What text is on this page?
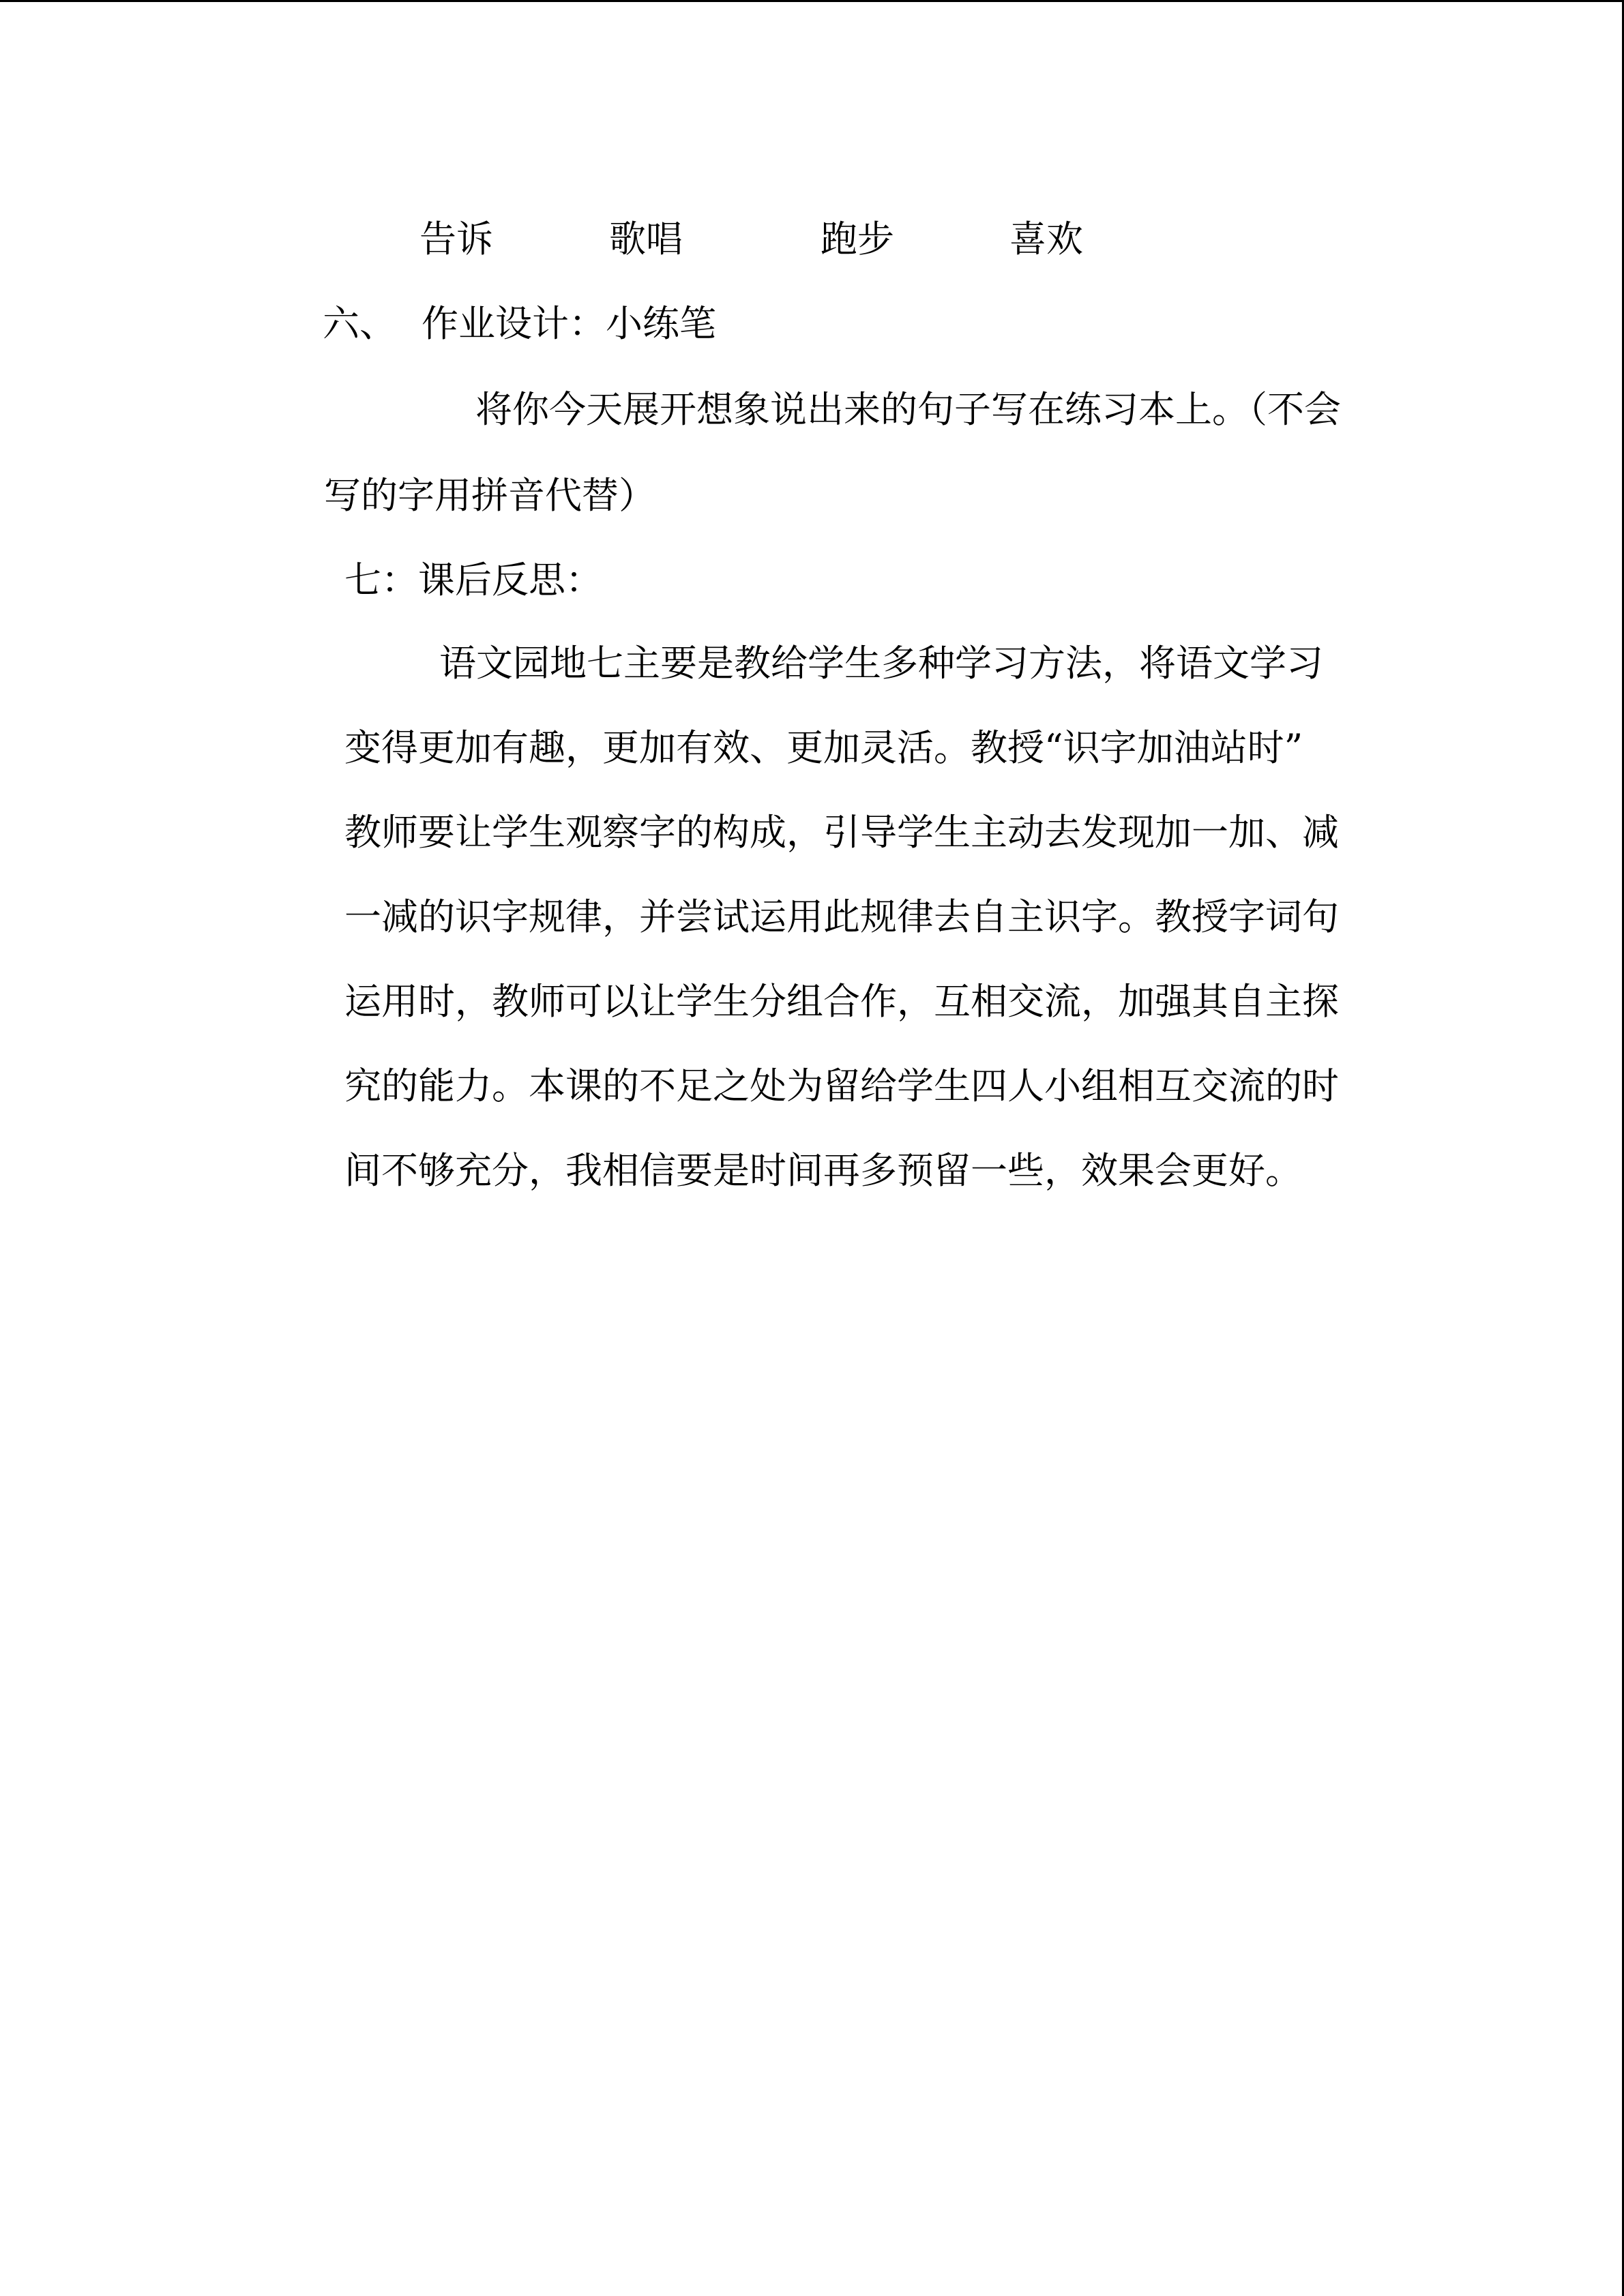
告诉	歌唱	跑步	喜欢
六、 作业设计：小练笔
将你今天展开想象说出来的句子写在练习本上。（不会
写的字用拼音代替）
七：课后反思：
语文园地七主要是教给学生多种学习方法，将语文学习
变得更加有趣，更加有效、更加灵活。教授“识字加油站时”
教师要让学生观察字的构成，引导学生主动去发现加一加、减
一减的识字规律，并尝试运用此规律去自主识字。教授字词句
运用时，教师可以让学生分组合作，互相交流，加强其自主探
究的能力。本课的不足之处为留给学生四人小组相互交流的时
间不够充分，我相信要是时间再多预留一些，效果会更好。
